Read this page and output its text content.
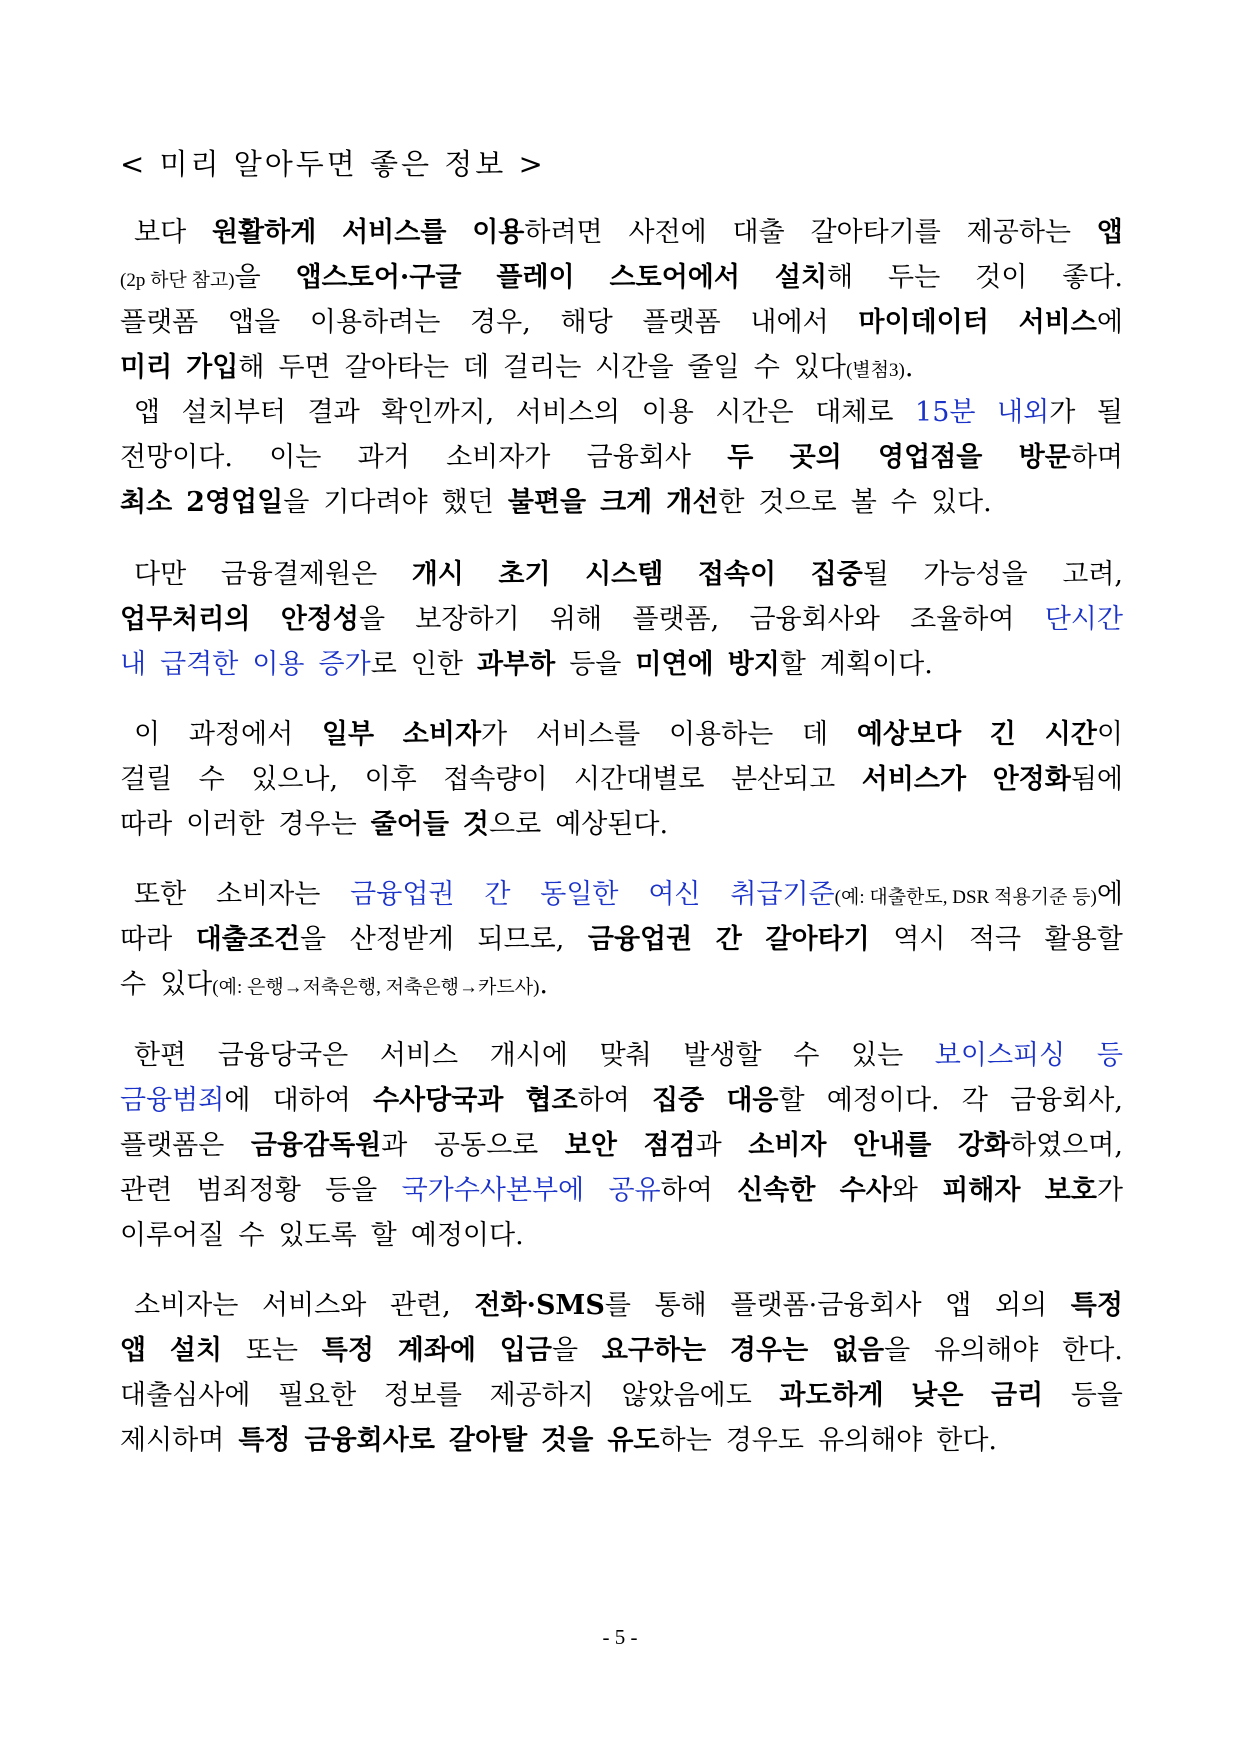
< 미리 알아두면 좋은 정보 >
보다 원활하게 서비스를 이용하려면 사전에 대출 갈아타기를 제공하는 앱
(2p 하단 참고)을 앱스토어·구글 플레이 스토어에서 설치해 두는 것이 좋다.
플랫폼 앱을 이용하려는 경우, 해당 플랫폼 내에서 마이데이터 서비스에
미리 가입해 두면 갈아타는 데 걸리는 시간을 줄일 수 있다(별첨3).
앱 설치부터 결과 확인까지, 서비스의 이용 시간은 대체로 15분 내외가 될
전망이다. 이는 과거 소비자가 금융회사 두 곳의 영업점을 방문하며
최소 2영업일을 기다려야 했던 불편을 크게 개선한 것으로 볼 수 있다.
다만 금융결제원은 개시 초기 시스템 접속이 집중될 가능성을 고려,
업무처리의 안정성을 보장하기 위해 플랫폼, 금융회사와 조율하여 단시간
내 급격한 이용 증가로 인한 과부하 등을 미연에 방지할 계획이다.
이 과정에서 일부 소비자가 서비스를 이용하는 데 예상보다 긴 시간이
걸릴 수 있으나, 이후 접속량이 시간대별로 분산되고 서비스가 안정화됨에
따라 이러한 경우는 줄어들 것으로 예상된다.
또한 소비자는 금융업권 간 동일한 여신 취급기준(예: 대출한도, DSR 적용기준 등)에
따라 대출조건을 산정받게 되므로, 금융업권 간 갈아타기 역시 적극 활용할
수 있다(예: 은행→저축은행, 저축은행→카드사).
한편 금융당국은 서비스 개시에 맞춰 발생할 수 있는 보이스피싱 등
금융범죄에 대하여 수사당국과 협조하여 집중 대응할 예정이다. 각 금융회사,
플랫폼은 금융감독원과 공동으로 보안 점검과 소비자 안내를 강화하였으며,
관련 범죄정황 등을 국가수사본부에 공유하여 신속한 수사와 피해자 보호가
이루어질 수 있도록 할 예정이다.
소비자는 서비스와 관련, 전화·SMS를 통해 플랫폼·금융회사 앱 외의 특정
앱 설치 또는 특정 계좌에 입금을 요구하는 경우는 없음을 유의해야 한다.
대출심사에 필요한 정보를 제공하지 않았음에도 과도하게 낮은 금리 등을
제시하며 특정 금융회사로 갈아탈 것을 유도하는 경우도 유의해야 한다.
- 5 -
